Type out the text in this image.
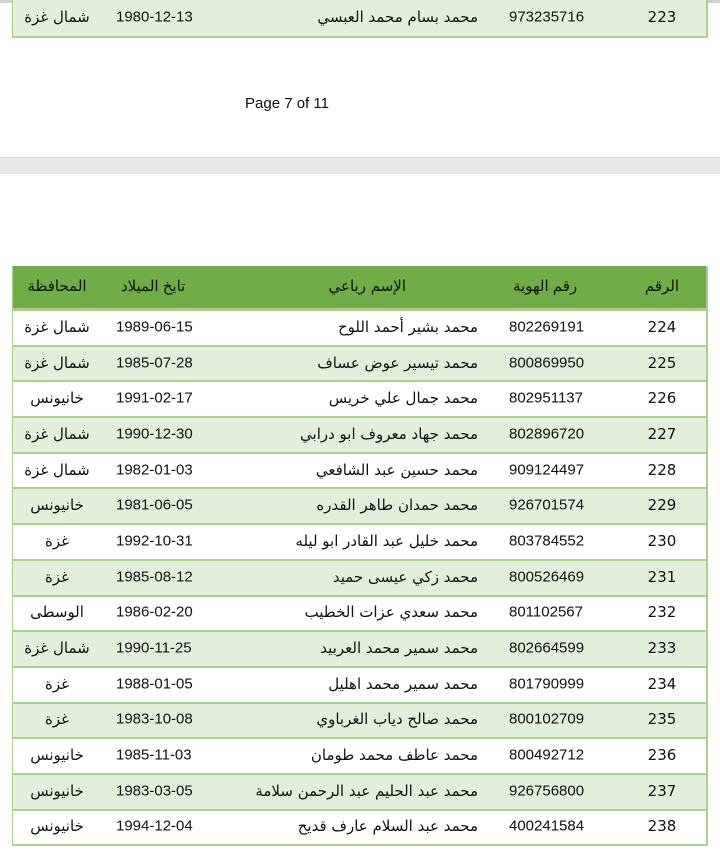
223
973235716
محمد بسام محمد العبسي
1980-12-13
شمال غزة
Page 7 of 11
الرقم
رقم الهوية
الإسم رباعي
تايخ الميلاد
المحافظة
224
802269191
محمد بشير أحمد اللوح
1989-06-15
شمال غزة
225
800869950
محمد تيسير عوض عساف
1985-07-28
شمال غزة
226
802951137
محمد جمال علي خريس
1991-02-17
خانيونس
227
802896720
محمد جهاد معروف ابو درابي
1990-12-30
شمال غزة
228
909124497
محمد حسين عبد الشافعي
1982-01-03
شمال غزة
229
926701574
محمد حمدان طاهر القدره
1981-06-05
خانيونس
230
803784552
محمد خليل عبد القادر ابو ليله
1992-10-31
غزة
231
800526469
محمد زكي عيسى حميد
1985-08-12
غزة
232
801102567
محمد سعدي عزات الخطيب
1986-02-20
الوسطى
233
802664599
محمد سمير محمد العربيد
1990-11-25
شمال غزة
234
801790999
محمد سمير محمد اهليل
1988-01-05
غزة
235
800102709
محمد صالح دياب الغرباوي
1983-10-08
غزة
236
800492712
محمد عاطف محمد طومان
1985-11-03
خانيونس
237
926756800
محمد عبد الحليم عبد الرحمن سلامة
1983-03-05
خانيونس
238
400241584
محمد عبد السلام عارف قديح
1994-12-04
خانيونس
